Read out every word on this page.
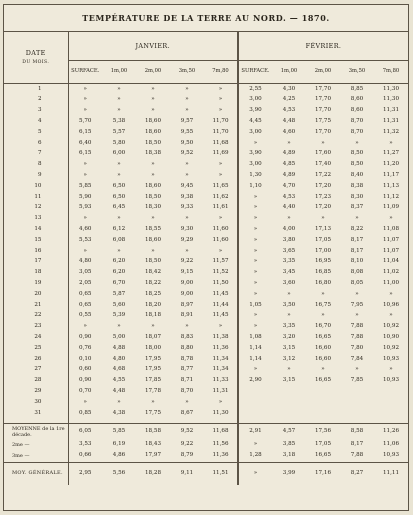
TEMPÉRATURE DE LA TERRE AU NORD. — 1870.
DATE
DU MOIS.	JANVIER.					FÉVRIER.				
	SURFACE.	1m,00	2m,00	3m,50	7m,80	SURFACE.	1m,00	2m,00	3m,50	7m,80
1	»	»	»	»	»	2,55	4,30	17,70	8,85	11,30
2	»	»	»	»	»	3,00	4,25	17,70	8,60	11,30
3	»	»	»	»	»	3,90	4,53	17,70	8,60	11,31
4	5,70	5,38	18,60	9,57	11,70	4,45	4,48	17,75	8,70	11,31
5	6,15	5,57	18,60	9,55	11,70	3,00	4,60	17,70	8,70	11,32
6	6,40	5,80	18,50	9,50	11,68	»	»	»	»	»
7	6,15	6,00	18,38	9,52	11,69	3,90	4,89	17,60	8,50	11,27
8	»	»	»	»	»	3,00	4,85	17,40	8,50	11,20
9	»	»	»	»	»	1,30	4,89	17,22	8,40	11,17
10	5,85	6,50	18,60	9,45	11,65	1,10	4,70	17,20	8,38	11,13
11	5,90	6,50	18,50	9,38	11,62	»	4,53	17,23	8,30	11,12
12	5,93	6,45	18,30	9,33	11,61	»	4,40	17,20	8,37	11,09
13	»	»	»	»	»	»	»	»	»	»
14	4,60	6,12	18,55	9,30	11,60	»	4,00	17,13	8,22	11,08
15	5,53	6,08	18,60	9,29	11,60	»	3,80	17,05	8,17	11,07
16	»	»	»	»	»	»	3,65	17,00	8,17	11,07
17	4,80	6,20	18,50	9,22	11,57	»	3,35	16,95	8,10	11,04
18	3,05	6,20	18,42	9,15	11,52	»	3,45	16,85	8,08	11,02
19	2,05	6,70	18,22	9,00	11,50	»	3,60	16,80	8,05	11,00
20	0,65	5,87	18,25	9,00	11,45	»	»	»	»	»
21	0,65	5,60	18,20	8,97	11,44	1,05	3,50	16,75	7,95	10,96
22	0,55	5,39	18,18	8,91	11,45	»	»	»	»	»
23	»	»	»	»	»	»	3,35	16,70	7,88	10,92
24	0,90	5,00	18,07	8,83	11,38	1,08	3,20	16,65	7,88	10,90
25	0,76	4,88	18,00	8,80	11,36	1,14	3,15	16,60	7,80	10,92
26	0,10	4,80	17,95	8,78	11,34	1,14	3,12	16,60	7,84	10,93
27	0,60	4,68	17,95	8,77	11,34	»	»	»	»	»
28	0,90	4,55	17,85	8,71	11,33	2,90	3,15	16,65	7,85	10,93
29	0,70	4,48	17,78	8,70	11,31					
30	»	»	»	»	»					
31	0,85	4,38	17,75	8,67	11,30					

MOYENNE de la 1re décade.	6,05	5,85	18,58	9,52	11,68	2,91	4,57	17,56	8,58	11,26
2me —	3,53	6,19	18,43	9,22	11,56	»	3,85	17,05	8,17	11,06
3me —	0,66	4,86	17,97	8,79	11,36	1,28	3,18	16,65	7,88	10,93
MOY. GÉNÉRALE.	2,95	5,56	18,28	9,11	11,51	»	3,99	17,16	8,27	11,11
